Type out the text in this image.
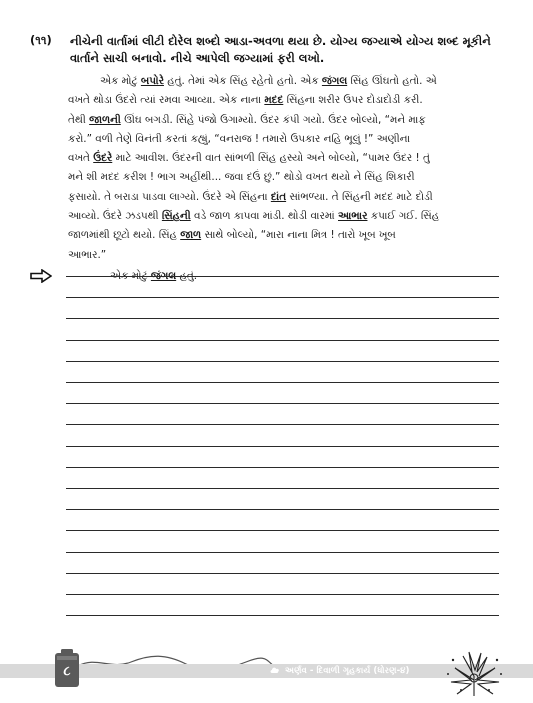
(૧૧) નીચેની વાર્તામાં લીટી દોરેલ શબ્દો આડા-અવળા થયા છે. યોગ્ય જગ્યાએ યોગ્ય શબ્દ મૂકીને વાર્તાને સાચી બનાવો. નીચે આપેલી જગ્યામાં ફરી લખો.
એક મોટું બપોરે હતું. તેમાં એક સિંહ રહેતો હતો. એક જંગલ સિંહ ઊંઘતો હતો. એ
વખતે થોડા ઉંદરો ત્યાં રમવા આવ્યા. એક નાના મદદ સિંહના શરીર ઉપર દોડાદોડી કરી.
તેથી જાળની ઊંઘ બગડી. સિંહે પંજો ઉગામ્યો. ઉંદર કંપી ગયો. ઉંદર બોલ્યો, “મને માફ
કરો.” વળી તેણે વિનંતી કરતાં કહ્યું, “વનરાજ ! તમારો ઉપકાર નહિ ભૂલું !” અણીના
વખતે ઉંદરે માટે આવીશ. ઉંદરની વાત સાંભળી સિંહ હસ્યો અને બોલ્યો, “પામર ઉંદર ! તું
મને શી મદદ કરીશ ! ભાગ અહીંથી... જવા દઉં છું.” થોડો વખત થયો ને સિંહ શિકારી
ફસાયો. તે બરાડા પાડવા લાગ્યો. ઉંદરે એ સિંહના દાંત સાંભળ્યા. તે સિંહની મદદ માટે દોડી
આવ્યો. ઉંદરે ઝડપથી સિંહની વડે જાળ કાપવા માંડી. થોડી વારમાં આભાર કપાઈ ગઈ. સિંહ
જાળમાંથી છૂટો થયો. સિંહ જાળ સાથે બોલ્યો, “મારા નાના મિત્ર ! તારો ખૂબ ખૂબ
આભાર.”
એક મોટું જંગલ હતું.
અર્ણવ - દિવાળી ગૃહકાર્ય (ધોરણ-૪)
૮
